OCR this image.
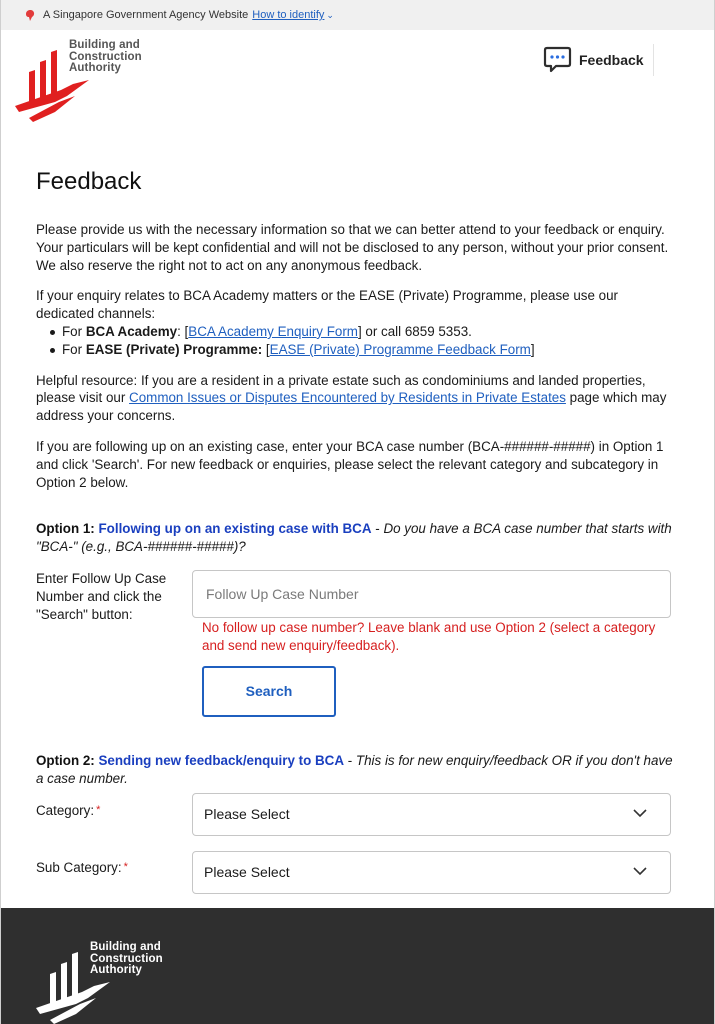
A Singapore Government Agency Website How to identify ⌄
Building and
Construction
Authority	Feedback
Feedback

Please provide us with the necessary information so that we can better attend to your feedback or enquiry. Your particulars will be kept confidential and will not be disclosed to any person, without your prior consent. We also reserve the right not to act on any anonymous feedback.

If your enquiry relates to BCA Academy matters or the EASE (Private) Programme, please use our dedicated channels:

For BCA Academy: [BCA Academy Enquiry Form] or call 6859 5353.
For EASE (Private) Programme: [EASE (Private) Programme Feedback Form]

Helpful resource: If you are a resident in a private estate such as condominiums and landed properties, please visit our Common Issues or Disputes Encountered by Residents in Private Estates page which may address your concerns.

If you are following up on an existing case, enter your BCA case number (BCA-######-#####) in Option 1 and click 'Search'. For new feedback or enquiries, please select the relevant category and subcategory in Option 2 below.

Option 1: Following up on an existing case with BCA - Do you have a BCA case number that starts with "BCA-" (e.g., BCA-######-#####)?
Enter Follow Up Case Number and click the "Search" button:
Follow Up Case Number
No follow up case number? Leave blank and use Option 2 (select a category and send new enquiry/feedback).
Search
Option 2: Sending new feedback/enquiry to BCA - This is for new enquiry/feedback OR if you don't have a case number.
Category: *	Please Select
Sub Category: *	Please Select
Building and
Construction
Authority
